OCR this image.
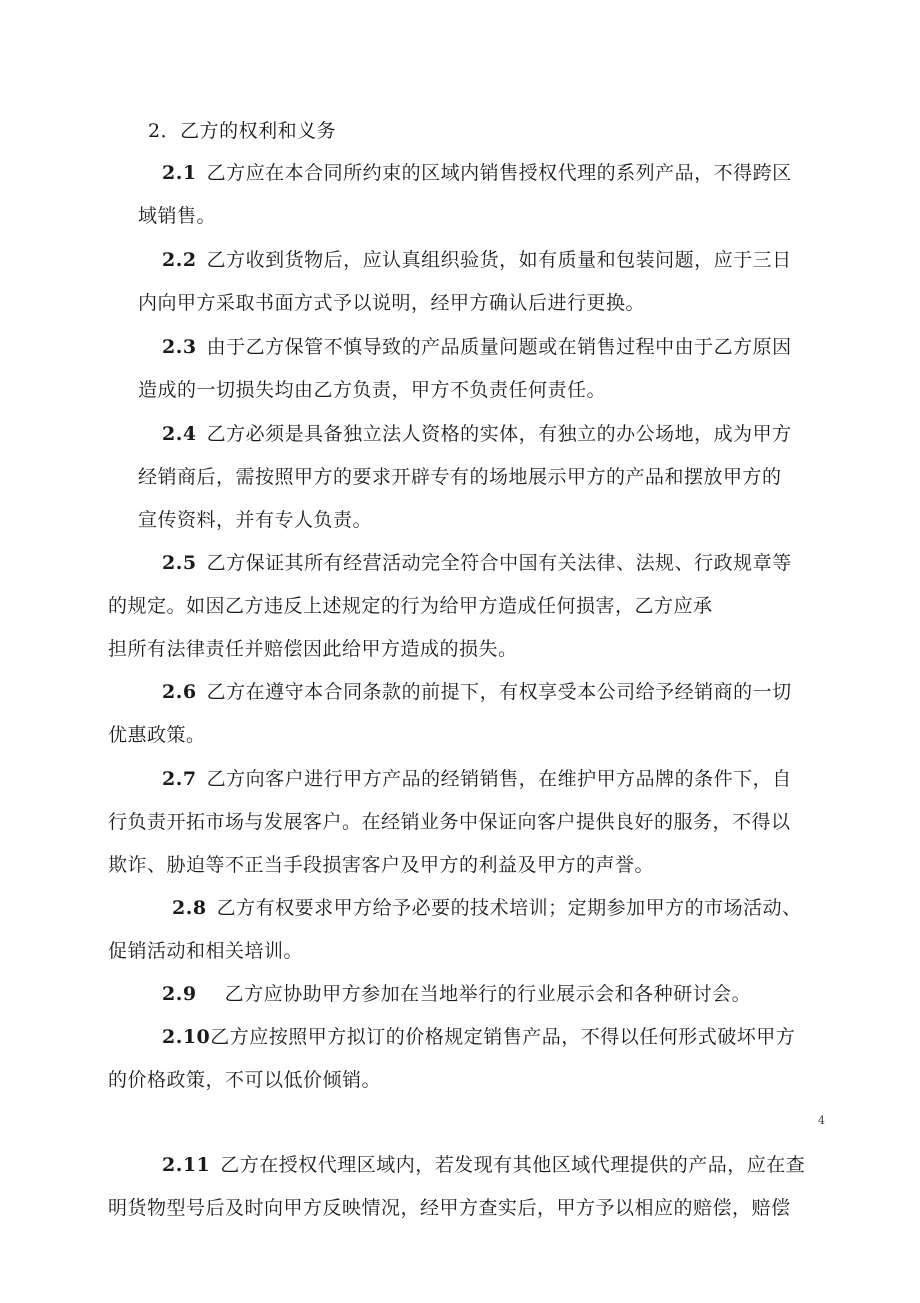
2．乙方的权利和义务
2.1 乙方应在本合同所约束的区域内销售授权代理的系列产品，不得跨区
域销售。
2.2 乙方收到货物后，应认真组织验货，如有质量和包装问题，应于三日
内向甲方采取书面方式予以说明，经甲方确认后进行更换。
2.3 由于乙方保管不慎导致的产品质量问题或在销售过程中由于乙方原因
造成的一切损失均由乙方负责，甲方不负责任何责任。
2.4 乙方必须是具备独立法人资格的实体，有独立的办公场地，成为甲方
经销商后，需按照甲方的要求开辟专有的场地展示甲方的产品和摆放甲方的
宣传资料，并有专人负责。
2.5 乙方保证其所有经营活动完全符合中国有关法律、法规、行政规章等
的规定。如因乙方违反上述规定的行为给甲方造成任何损害，乙方应承
担所有法律责任并赔偿因此给甲方造成的损失。
2.6 乙方在遵守本合同条款的前提下，有权享受本公司给予经销商的一切
优惠政策。
2.7 乙方向客户进行甲方产品的经销销售，在维护甲方品牌的条件下，自
行负责开拓市场与发展客户。在经销业务中保证向客户提供良好的服务，不得以
欺诈、胁迫等不正当手段损害客户及甲方的利益及甲方的声誉。
2.8 乙方有权要求甲方给予必要的技术培训；定期参加甲方的市场活动、
促销活动和相关培训。
2.9 乙方应协助甲方参加在当地举行的行业展示会和各种研讨会。
2.10乙方应按照甲方拟订的价格规定销售产品，不得以任何形式破坏甲方
的价格政策，不可以低价倾销。
4
2.11 乙方在授权代理区域内，若发现有其他区域代理提供的产品，应在查
明货物型号后及时向甲方反映情况，经甲方查实后，甲方予以相应的赔偿，赔偿
